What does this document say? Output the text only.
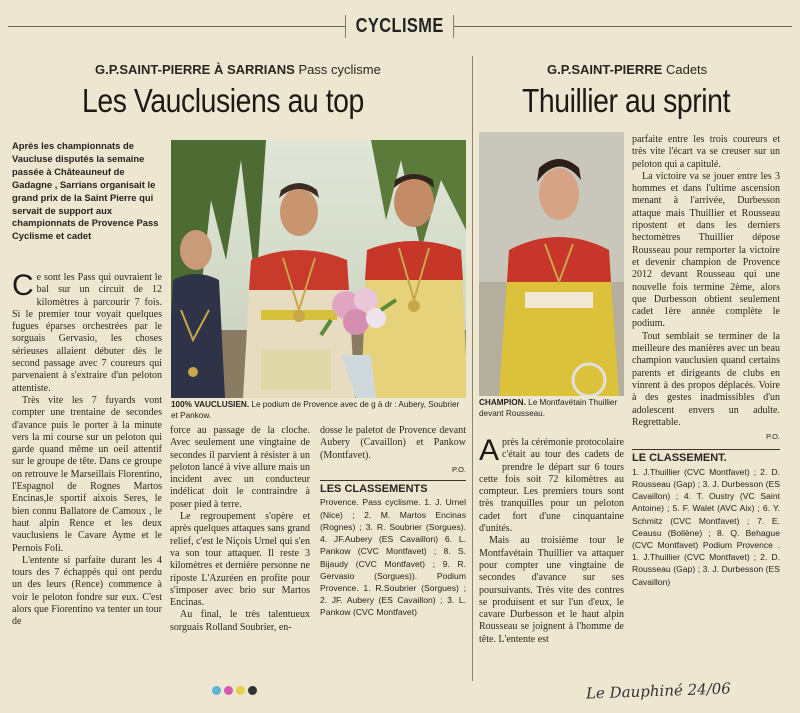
CYCLISME
G.P.SAINT-PIERRE À SARRIANS Pass cyclisme
Les Vauclusiens au top
Après les championnats de Vaucluse disputés la semaine passée à Châteauneuf de Gadagne , Sarrians organisait le grand prix de la Saint Pierre qui servait de support aux championnats de Provence Pass Cyclisme et cadet
100% VAUCLUSIEN. Le podium de Provence avec de g à dr : Aubery, Soubrier et Pankow.

Ce sont les Pass qui ouvraient le bal sur un circuit de 12 kilomètres à parcourir 7 fois. Si le premier tour voyait quelques fugues éparses orchestrées par le sorguais Gervasio, les choses sérieuses allaient débuter dès le second passage avec 7 coureurs qui parvenaient à s'extraire d'un peloton attentiste.

Très vite les 7 fuyards vont compter une trentaine de secondes d'avance puis le porter à la minute vers la mi course sur un peloton qui garde quand même un oeil attentif sur le groupe de tête. Dans ce groupe on retrouve le Marseillais Florentino, l'Espagnol de Rognes Martos Encinas,le sportif aixois Seres, le bien connu Ballatore de Camoux , le haut alpin Rence et les deux vauclusiens le Cavare Ayme et le Pernois Foli.

L'entente si parfaite durant les 4 tours des 7 échappés qui ont perdu un des leurs (Rence) commence à voir le peloton fondre sur eux. C'est alors que Fiorentino va tenter un tour de

force au passage de la cloche. Avec seulement une vingtaine de secondes il parvient à résister à un peloton lancé à vive allure mais un incident avec un conducteur indélicat doit le contraindre à poser pied à terre.

Le regroupement s'opère et après quelques attaques sans grand relief, c'est le Niçois Urnel qui s'en va son tour attaquer. Il reste 3 kilomètres et dernière personne ne riposte L'Azuréen en profite pour s'imposer avec brio sur Martos Encinas.

Au final, le très talentueux sorguais Rolland Soubrier, en-

dosse le paletot de Provence devant Aubery (Cavaillon) et Pankow (Montfavet).

P.O.
LES CLASSEMENTS
Provence. Pass cyclisme. 1. J. Urnel (Nice) ; 2. M. Martos Encinas (Rognes) ; 3. R. Soubrier (Sorgues). 4. JF.Aubery (ES Cavaillon) 6. L. Pankow (CVC Montfavet) ; 8. S. Bijaudy (CVC Montfavet) ; 9. R. Gervasio (Sorgues)). Podium Provence. 1. R.Soubrier (Sorgues) ; 2. JF. Aubery (ES Cavaillon) ; 3. L. Pankow (CVC Montfavet)
G.P.SAINT-PIERRE Cadets
Thuillier au sprint
CHAMPION. Le Montfavétain Thuillier devant Rousseau.

Après la cérémonie protocolaire c'était au tour des cadets de prendre le départ sur 6 tours cette fois soit 72 kilomètres au compteur. Les premiers tours sont très tranquilles pour un peloton cadet fort d'une cinquantaine d'unités.

Mais au troisième tour le Montfavétain Thuillier va attaquer pour compter une vingtaine de secondes d'avance sur ses poursuivants. Très vite des contres se produisent et sur l'un d'eux, le cavare Durbesson et le haut alpin Rousseau se joignent à l'homme de tête. L'entente est

parfaite entre les trois coureurs et très vite l'écart va se creuser sur un peloton qui a capitulé.

La victoire va se jouer entre les 3 hommes et dans l'ultime ascension menant à l'arrivée, Durbesson attaque mais Thuillier et Rousseau ripostent et dans les derniers hectomètres Thuillier dépose Rousseau pour remporter la victoire et devenir champion de Provence 2012 devant Rousseau qui une nouvelle fois termine 2ème, alors que Durbesson obtient seulement cadet 1ère année complète le podium.

Tout semblait se terminer de la meilleure des manières avec un beau champion vauclusien quand certains parents et dirigeants de clubs en vinrent à des propos déplacés. Voire à des gestes inadmissibles d'un adolescent envers un adulte. Regrettable.

P.O.
LE CLASSEMENT.
1. J.Thuillier (CVC Montfavet) ; 2. D. Rousseau (Gap) ; 3. J. Durbesson (ES Cavaillon) ; 4. T. Oustry (VC Saint Antoine) ; 5. F. Walet (AVC Aix) ; 6. Y. Schmitz (CVC Montfavet) ; 7. E. Ceausu (Bollène) ; 8. Q. Behague (CVC Montfavet) Podium Provence . 1. J.Thuillier (CVC Montfavet) ; 2. D. Rousseau (Gap) ; 3. J. Durbesson (ES Cavaillon)
Le Dauphiné 24/06
